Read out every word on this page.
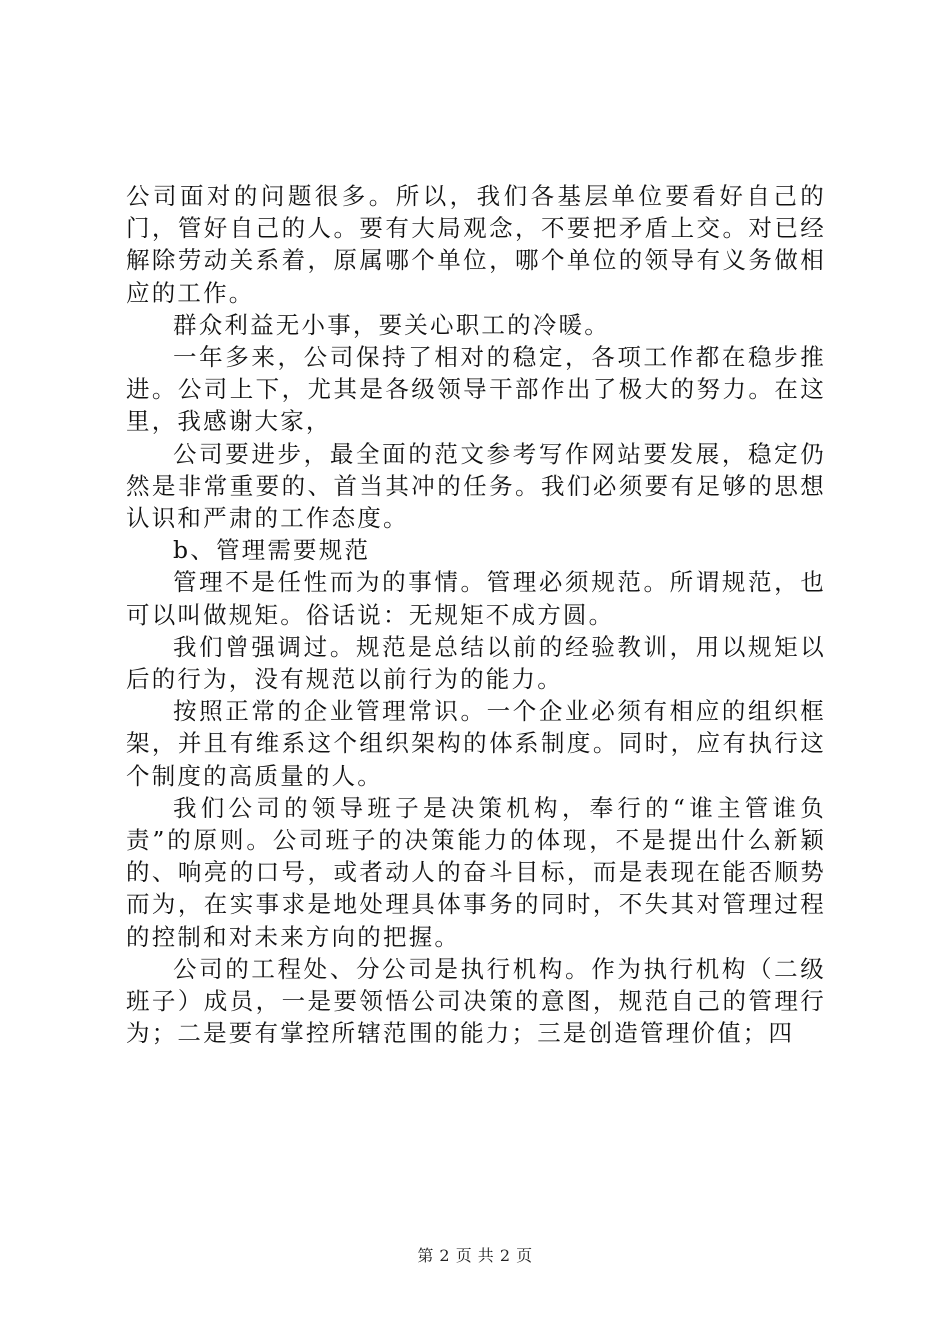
公司面对的问题很多。所以，我们各基层单位要看好自己的门，管好自己的人。要有大局观念，不要把矛盾上交。对已经解除劳动关系着，原属哪个单位，哪个单位的领导有义务做相应的工作。

群众利益无小事，要关心职工的冷暖。

一年多来，公司保持了相对的稳定，各项工作都在稳步推进。公司上下，尤其是各级领导干部作出了极大的努力。在这里，我感谢大家，

公司要进步，最全面的范文参考写作网站要发展，稳定仍然是非常重要的、首当其冲的任务。我们必须要有足够的思想认识和严肃的工作态度。

b、管理需要规范

管理不是任性而为的事情。管理必须规范。所谓规范，也可以叫做规矩。俗话说：无规矩不成方圆。

我们曾强调过。规范是总结以前的经验教训，用以规矩以后的行为，没有规范以前行为的能力。

按照正常的企业管理常识。一个企业必须有相应的组织框架，并且有维系这个组织架构的体系制度。同时，应有执行这个制度的高质量的人。

我们公司的领导班子是决策机构，奉行的“谁主管谁负责”的原则。公司班子的决策能力的体现，不是提出什么新颖的、响亮的口号，或者动人的奋斗目标，而是表现在能否顺势而为，在实事求是地处理具体事务的同时，不失其对管理过程的控制和对未来方向的把握。

公司的工程处、分公司是执行机构。作为执行机构（二级班子）成员，一是要领悟公司决策的意图，规范自己的管理行为；二是要有掌控所辖范围的能力；三是创造管理价值；四

第 2 页 共 2 页
